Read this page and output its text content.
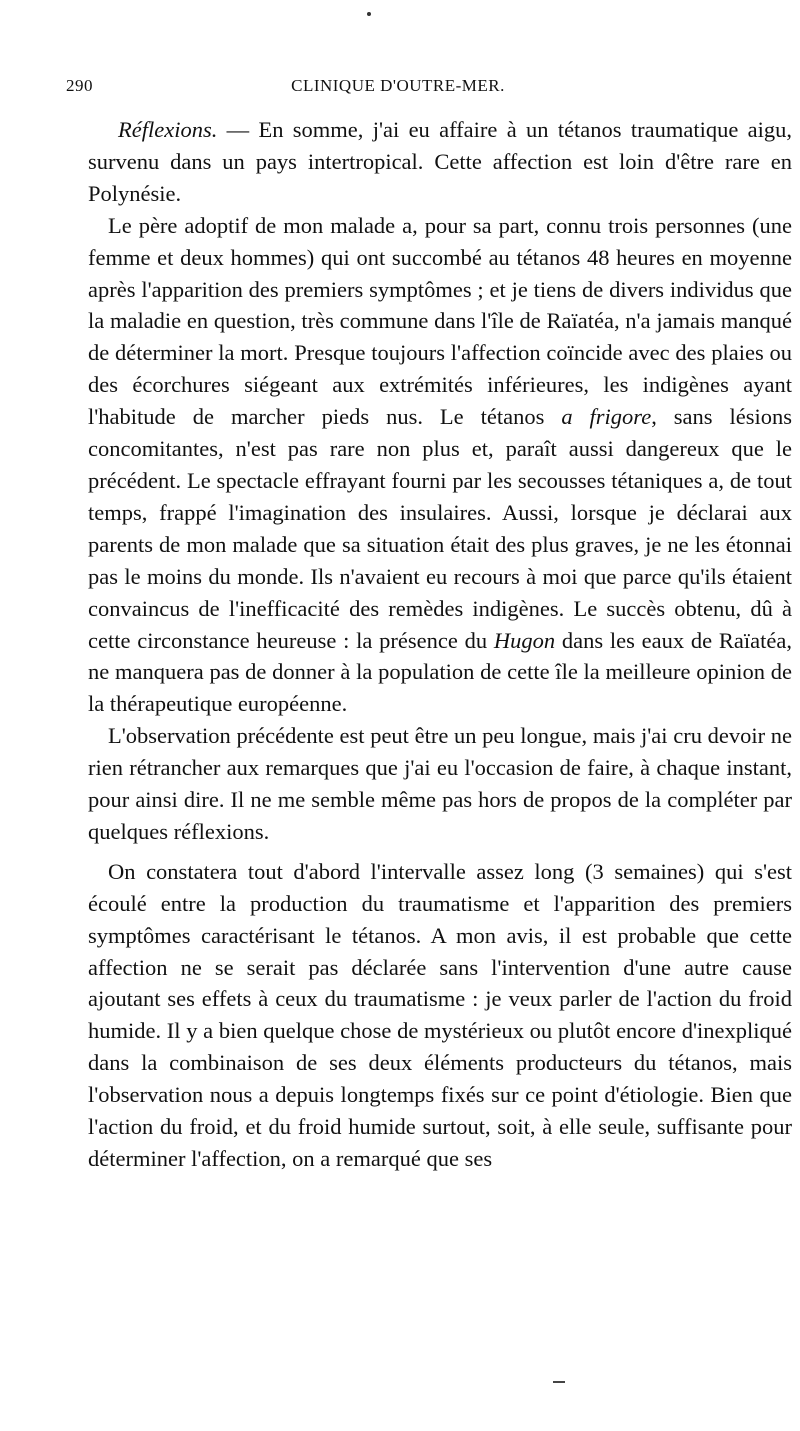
290	CLINIQUE D'OUTRE-MER.

Réflexions. — En somme, j'ai eu affaire à un tétanos traumatique aigu, survenu dans un pays intertropical. Cette affection est loin d'être rare en Polynésie.

Le père adoptif de mon malade a, pour sa part, connu trois personnes (une femme et deux hommes) qui ont succombé au tétanos 48 heures en moyenne après l'apparition des premiers symptômes ; et je tiens de divers individus que la maladie en question, très commune dans l'île de Raïatéa, n'a jamais manqué de déterminer la mort. Presque toujours l'affection coïncide avec des plaies ou des écorchures siégeant aux extrémités inférieures, les indigènes ayant l'habitude de marcher pieds nus. Le tétanos a frigore, sans lésions concomitantes, n'est pas rare non plus et, paraît aussi dangereux que le précédent. Le spectacle effrayant fourni par les secousses tétaniques a, de tout temps, frappé l'imagination des insulaires. Aussi, lorsque je déclarai aux parents de mon malade que sa situation était des plus graves, je ne les étonnai pas le moins du monde. Ils n'avaient eu recours à moi que parce qu'ils étaient convaincus de l'inefficacité des remèdes indigènes. Le succès obtenu, dû à cette circonstance heureuse : la présence du Hugon dans les eaux de Raïatéa, ne manquera pas de donner à la population de cette île la meilleure opinion de la thérapeutique européenne.

L'observation précédente est peut être un peu longue, mais j'ai cru devoir ne rien rétrancher aux remarques que j'ai eu l'occasion de faire, à chaque instant, pour ainsi dire. Il ne me semble même pas hors de propos de la compléter par quelques réflexions.

On constatera tout d'abord l'intervalle assez long (3 semaines) qui s'est écoulé entre la production du traumatisme et l'apparition des premiers symptômes caractérisant le tétanos. A mon avis, il est probable que cette affection ne se serait pas déclarée sans l'intervention d'une autre cause ajoutant ses effets à ceux du traumatisme : je veux parler de l'action du froid humide. Il y a bien quelque chose de mystérieux ou plutôt encore d'inexpliqué dans la combinaison de ses deux éléments producteurs du tétanos, mais l'observation nous a depuis longtemps fixés sur ce point d'étiologie. Bien que l'action du froid, et du froid humide surtout, soit, à elle seule, suffisante pour déterminer l'affection, on a remarqué que ses
